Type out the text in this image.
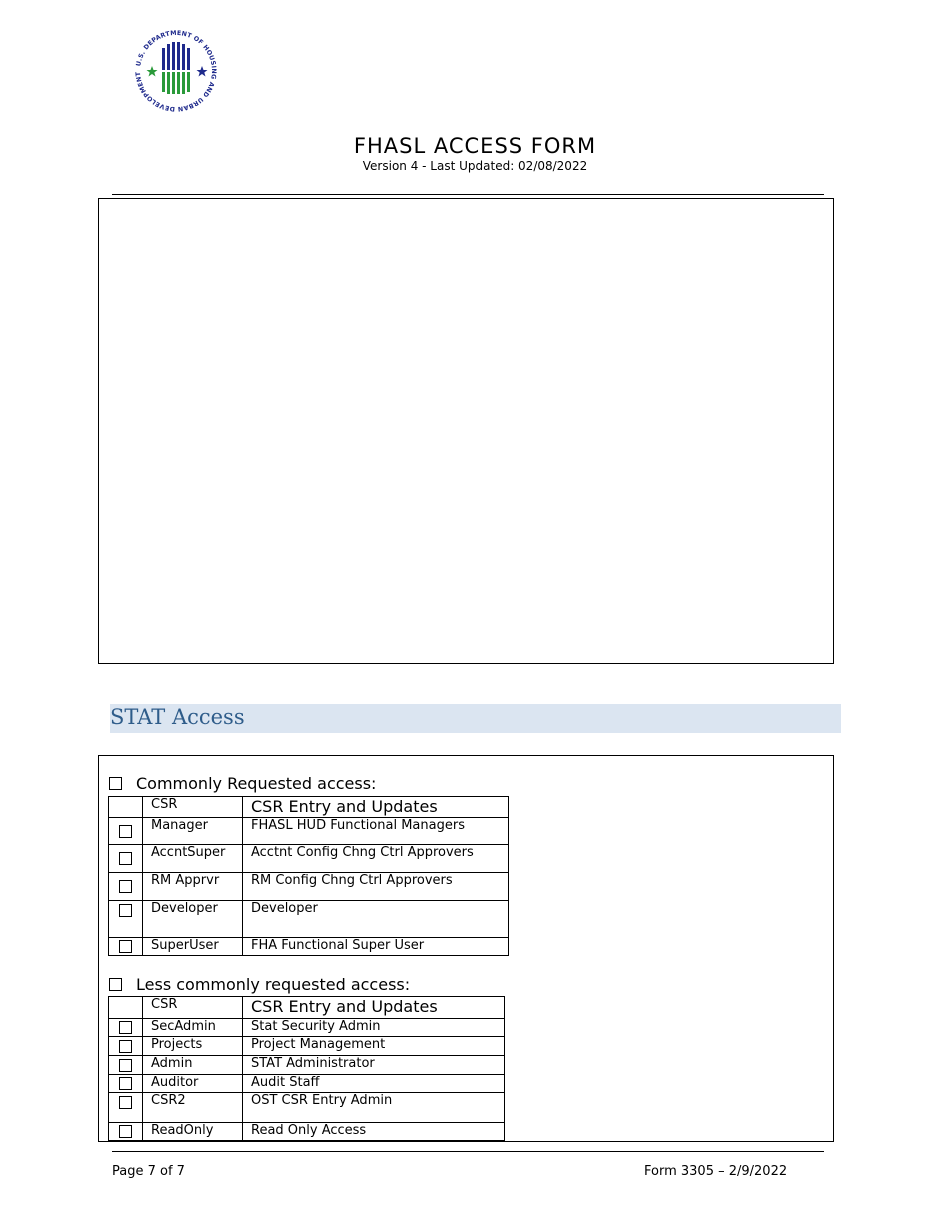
U.S. DEPARTMENT OF HOUSING AND URBAN DEVELOPMENT
FHASL ACCESS FORM
Version 4 - Last Updated: 02/08/2022
STAT Access
Commonly Requested access:
	CSR	CSR Entry and Updates
	Manager	FHASL HUD Functional Managers
	AccntSuper	Acctnt Config Chng Ctrl Approvers
	RM Apprvr	RM Config Chng Ctrl Approvers
	Developer	Developer
	SuperUser	FHA Functional Super User
Less commonly requested access:
	CSR	CSR Entry and Updates
	SecAdmin	Stat Security Admin
	Projects	Project Management
	Admin	STAT Administrator
	Auditor	Audit Staff
	CSR2	OST CSR Entry Admin
	ReadOnly	Read Only Access
Page 7 of 7	Form 3305 – 2/9/2022
